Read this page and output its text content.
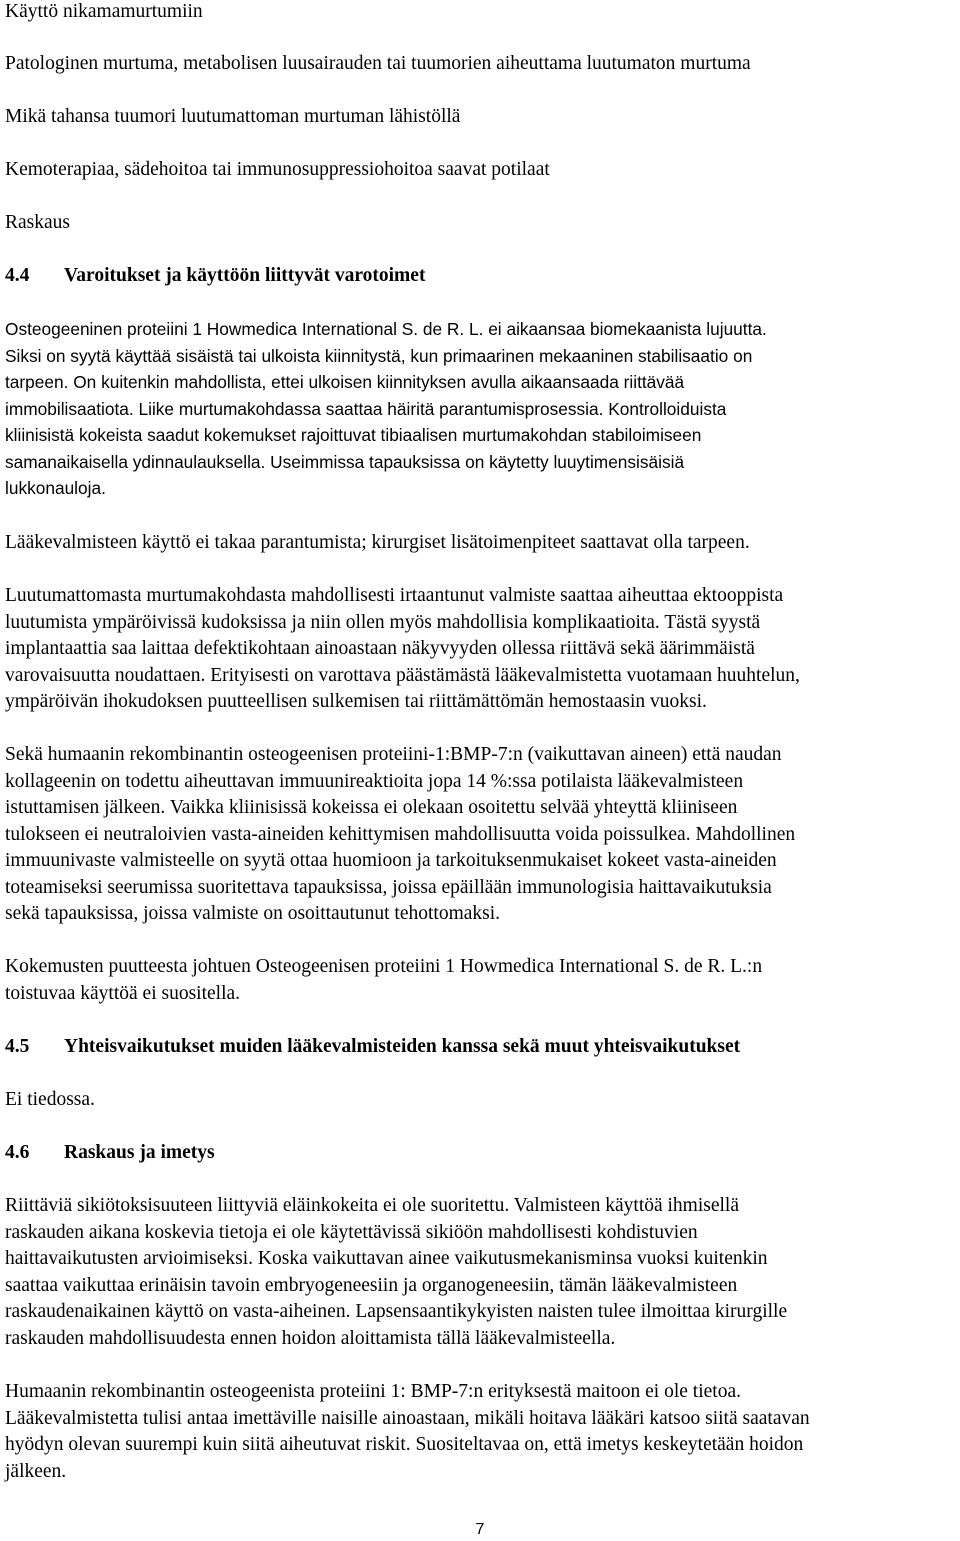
Käyttö nikamamurtumiin

Patologinen murtuma, metabolisen luusairauden tai tuumorien aiheuttama luutumaton murtuma

Mikä tahansa tuumori luutumattoman murtuman lähistöllä

Kemoterapiaa, sädehoitoa tai immunosuppressiohoitoa saavat potilaat

Raskaus

4.4 Varoitukset ja käyttöön liittyvät varotoimet

Osteogeeninen proteiini 1 Howmedica International S. de R. L. ei aikaansaa biomekaanista lujuutta.
Siksi on syytä käyttää sisäistä tai ulkoista kiinnitystä, kun primaarinen mekaaninen stabilisaatio on
tarpeen. On kuitenkin mahdollista, ettei ulkoisen kiinnityksen avulla aikaansaada riittävää
immobilisaatiota. Liike murtumakohdassa saattaa häiritä parantumisprosessia. Kontrolloiduista
kliinisistä kokeista saadut kokemukset rajoittuvat tibiaalisen murtumakohdan stabiloimiseen
samanaikaisella ydinnaulauksella. Useimmissa tapauksissa on käytetty luuytimensisäisiä
lukkonauloja.

Lääkevalmisteen käyttö ei takaa parantumista; kirurgiset lisätoimenpiteet saattavat olla tarpeen.

Luutumattomasta murtumakohdasta mahdollisesti irtaantunut valmiste saattaa aiheuttaa ektooppista
luutumista ympäröivissä kudoksissa ja niin ollen myös mahdollisia komplikaatioita. Tästä syystä
implantaattia saa laittaa defektikohtaan ainoastaan näkyvyyden ollessa riittävä sekä äärimmäistä
varovaisuutta noudattaen. Erityisesti on varottava päästämästä lääkevalmistetta vuotamaan huuhtelun,
ympäröivän ihokudoksen puutteellisen sulkemisen tai riittämättömän hemostaasin vuoksi.

Sekä humaanin rekombinantin osteogeenisen proteiini-1:BMP-7:n (vaikuttavan aineen) että naudan
kollageenin on todettu aiheuttavan immuunireaktioita jopa 14 %:ssa potilaista lääkevalmisteen
istuttamisen jälkeen. Vaikka kliinisissä kokeissa ei olekaan osoitettu selvää yhteyttä kliiniseen
tulokseen ei neutraloivien vasta-aineiden kehittymisen mahdollisuutta voida poissulkea. Mahdollinen
immuunivaste valmisteelle on syytä ottaa huomioon ja tarkoituksenmukaiset kokeet vasta-aineiden
toteamiseksi seerumissa suoritettava tapauksissa, joissa epäillään immunologisia haittavaikutuksia
sekä tapauksissa, joissa valmiste on osoittautunut tehottomaksi.

Kokemusten puutteesta johtuen Osteogeenisen proteiini 1 Howmedica International S. de R. L.:n
toistuvaa käyttöä ei suositella.

4.5 Yhteisvaikutukset muiden lääkevalmisteiden kanssa sekä muut yhteisvaikutukset

Ei tiedossa.

4.6 Raskaus ja imetys

Riittäviä sikiötoksisuuteen liittyviä eläinkokeita ei ole suoritettu. Valmisteen käyttöä ihmisellä
raskauden aikana koskevia tietoja ei ole käytettävissä sikiöön mahdollisesti kohdistuvien
haittavaikutusten arvioimiseksi. Koska vaikuttavan ainee vaikutusmekanisminsa vuoksi kuitenkin
saattaa vaikuttaa erinäisin tavoin embryogeneesiin ja organogeneesiin, tämän lääkevalmisteen
raskaudenaikainen käyttö on vasta-aiheinen. Lapsensaantikykyisten naisten tulee ilmoittaa kirurgille
raskauden mahdollisuudesta ennen hoidon aloittamista tällä lääkevalmisteella.

Humaanin rekombinantin osteogeenista proteiini 1: BMP-7:n erityksestä maitoon ei ole tietoa.
Lääkevalmistetta tulisi antaa imettäville naisille ainoastaan, mikäli hoitava lääkäri katsoo siitä saatavan
hyödyn olevan suurempi kuin siitä aiheutuvat riskit. Suositeltavaa on, että imetys keskeytetään hoidon
jälkeen.

7
